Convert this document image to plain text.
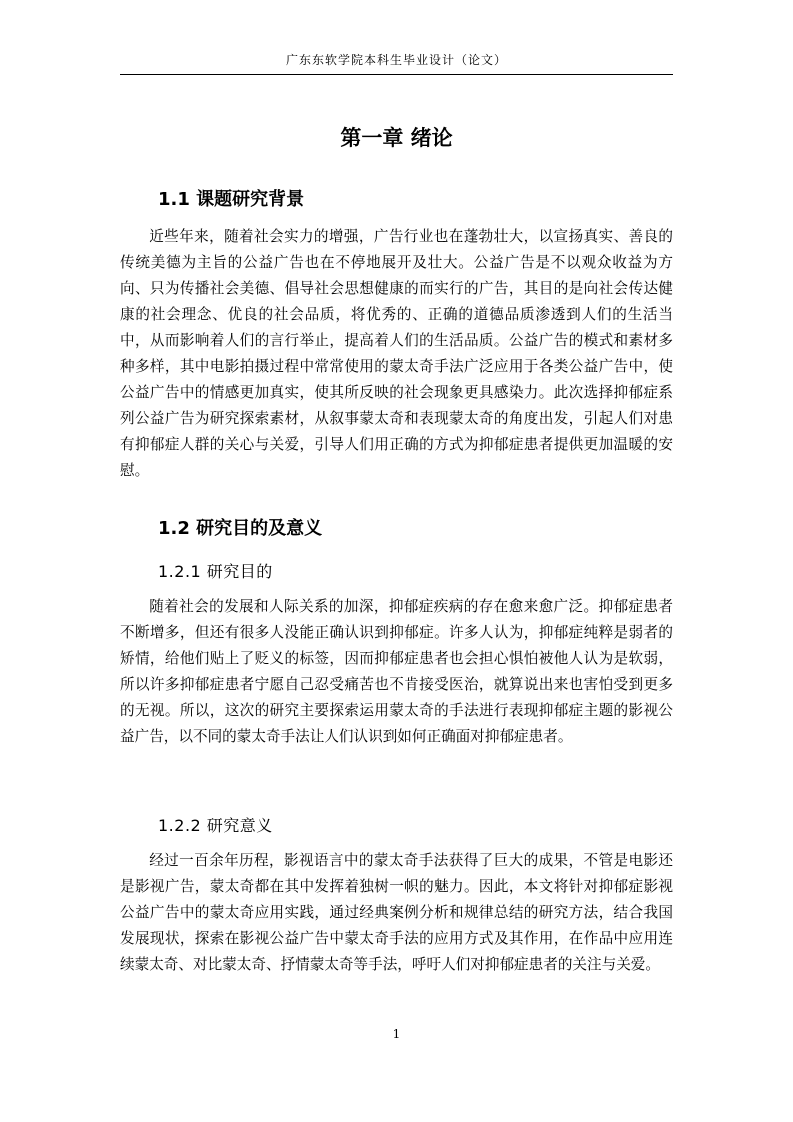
广东东软学院本科生毕业设计（论文）
第一章 绪论
1.1 课题研究背景

近些年来，随着社会实力的增强，广告行业也在蓬勃壮大，以宣扬真实、善良的传统美德为主旨的公益广告也在不停地展开及壮大。公益广告是不以观众收益为方向、只为传播社会美德、倡导社会思想健康的而实行的广告，其目的是向社会传达健康的社会理念、优良的社会品质，将优秀的、正确的道德品质渗透到人们的生活当中，从而影响着人们的言行举止，提高着人们的生活品质。公益广告的模式和素材多种多样，其中电影拍摄过程中常常使用的蒙太奇手法广泛应用于各类公益广告中，使公益广告中的情感更加真实，使其所反映的社会现象更具感染力。此次选择抑郁症系列公益广告为研究探索素材，从叙事蒙太奇和表现蒙太奇的角度出发，引起人们对患有抑郁症人群的关心与关爱，引导人们用正确的方式为抑郁症患者提供更加温暖的安慰。

1.2 研究目的及意义
1.2.1 研究目的

随着社会的发展和人际关系的加深，抑郁症疾病的存在愈来愈广泛。抑郁症患者不断增多，但还有很多人没能正确认识到抑郁症。许多人认为，抑郁症纯粹是弱者的矫情，给他们贴上了贬义的标签，因而抑郁症患者也会担心惧怕被他人认为是软弱，所以许多抑郁症患者宁愿自己忍受痛苦也不肯接受医治，就算说出来也害怕受到更多的无视。所以，这次的研究主要探索运用蒙太奇的手法进行表现抑郁症主题的影视公益广告，以不同的蒙太奇手法让人们认识到如何正确面对抑郁症患者。

1.2.2 研究意义

经过一百余年历程，影视语言中的蒙太奇手法获得了巨大的成果，不管是电影还是影视广告，蒙太奇都在其中发挥着独树一帜的魅力。因此，本文将针对抑郁症影视公益广告中的蒙太奇应用实践，通过经典案例分析和规律总结的研究方法，结合我国发展现状，探索在影视公益广告中蒙太奇手法的应用方式及其作用，在作品中应用连续蒙太奇、对比蒙太奇、抒情蒙太奇等手法，呼吁人们对抑郁症患者的关注与关爱。

1
